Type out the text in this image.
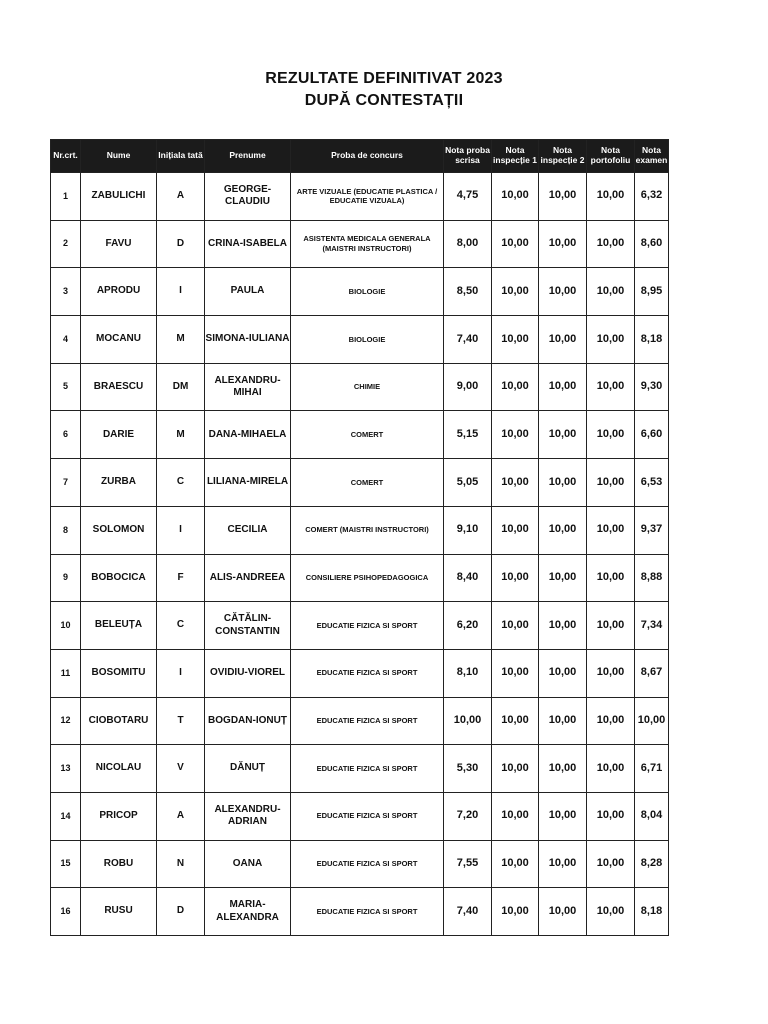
REZULTATE DEFINITIVAT 2023
DUPĂ CONTESTAȚII
Nr.crt.	Nume	Inițiala tată	Prenume	Proba de concurs	Nota proba scrisa	Nota inspecție 1	Nota inspecție 2	Nota portofoliu	Nota examen
1	ZABULICHI	A	GEORGE-CLAUDIU	ARTE VIZUALE (EDUCATIE PLASTICA / EDUCATIE VIZUALA)	4,75	10,00	10,00	10,00	6,32
2	FAVU	D	CRINA-ISABELA	ASISTENTA MEDICALA GENERALA (MAISTRI INSTRUCTORI)	8,00	10,00	10,00	10,00	8,60
3	APRODU	I	PAULA	BIOLOGIE	8,50	10,00	10,00	10,00	8,95
4	MOCANU	M	SIMONA-IULIANA	BIOLOGIE	7,40	10,00	10,00	10,00	8,18
5	BRAESCU	DM	ALEXANDRU-MIHAI	CHIMIE	9,00	10,00	10,00	10,00	9,30
6	DARIE	M	DANA-MIHAELA	COMERT	5,15	10,00	10,00	10,00	6,60
7	ZURBA	C	LILIANA-MIRELA	COMERT	5,05	10,00	10,00	10,00	6,53
8	SOLOMON	I	CECILIA	COMERT (MAISTRI INSTRUCTORI)	9,10	10,00	10,00	10,00	9,37
9	BOBOCICA	F	ALIS-ANDREEA	CONSILIERE PSIHOPEDAGOGICA	8,40	10,00	10,00	10,00	8,88
10	BELEUȚA	C	CĂTĂLIN-CONSTANTIN	EDUCATIE FIZICA SI SPORT	6,20	10,00	10,00	10,00	7,34
11	BOSOMITU	I	OVIDIU-VIOREL	EDUCATIE FIZICA SI SPORT	8,10	10,00	10,00	10,00	8,67
12	CIOBOTARU	T	BOGDAN-IONUȚ	EDUCATIE FIZICA SI SPORT	10,00	10,00	10,00	10,00	10,00
13	NICOLAU	V	DĂNUȚ	EDUCATIE FIZICA SI SPORT	5,30	10,00	10,00	10,00	6,71
14	PRICOP	A	ALEXANDRU-ADRIAN	EDUCATIE FIZICA SI SPORT	7,20	10,00	10,00	10,00	8,04
15	ROBU	N	OANA	EDUCATIE FIZICA SI SPORT	7,55	10,00	10,00	10,00	8,28
16	RUSU	D	MARIA-ALEXANDRA	EDUCATIE FIZICA SI SPORT	7,40	10,00	10,00	10,00	8,18
